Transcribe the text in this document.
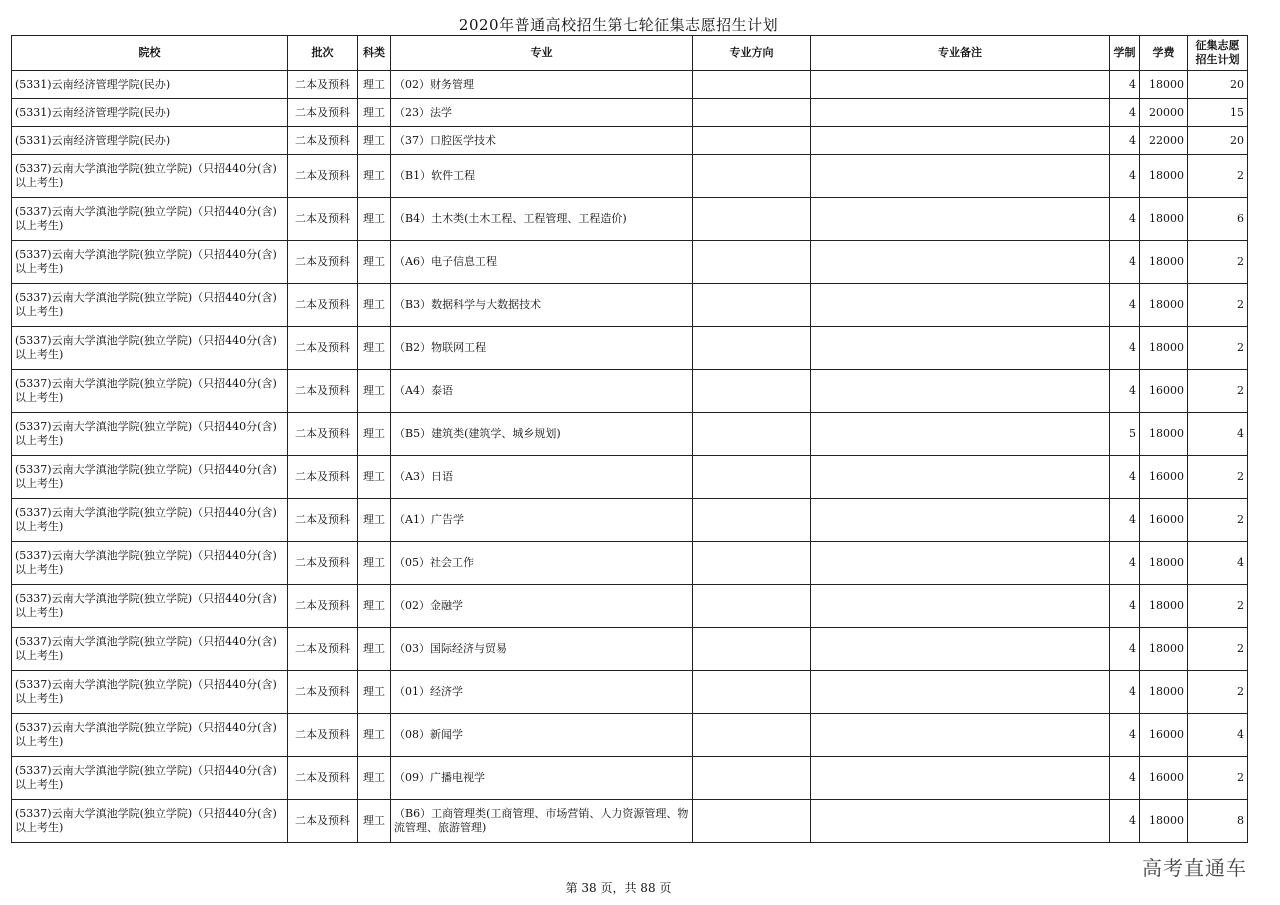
2020年普通高校招生第七轮征集志愿招生计划
院校	批次	科类	专业	专业方向	专业备注	学制	学费	征集志愿招生计划
(5331)云南经济管理学院(民办)	二本及预科	理工	（02）财务管理			4	18000	20
(5331)云南经济管理学院(民办)	二本及预科	理工	（23）法学			4	20000	15
(5331)云南经济管理学院(民办)	二本及预科	理工	（37）口腔医学技术			4	22000	20
(5337)云南大学滇池学院(独立学院)（只招440分(含)以上考生)	二本及预科	理工	（B1）软件工程			4	18000	2
(5337)云南大学滇池学院(独立学院)（只招440分(含)以上考生)	二本及预科	理工	（B4）土木类(土木工程、工程管理、工程造价)			4	18000	6
(5337)云南大学滇池学院(独立学院)（只招440分(含)以上考生)	二本及预科	理工	（A6）电子信息工程			4	18000	2
(5337)云南大学滇池学院(独立学院)（只招440分(含)以上考生)	二本及预科	理工	（B3）数据科学与大数据技术			4	18000	2
(5337)云南大学滇池学院(独立学院)（只招440分(含)以上考生)	二本及预科	理工	（B2）物联网工程			4	18000	2
(5337)云南大学滇池学院(独立学院)（只招440分(含)以上考生)	二本及预科	理工	（A4）泰语			4	16000	2
(5337)云南大学滇池学院(独立学院)（只招440分(含)以上考生)	二本及预科	理工	（B5）建筑类(建筑学、城乡规划)			5	18000	4
(5337)云南大学滇池学院(独立学院)（只招440分(含)以上考生)	二本及预科	理工	（A3）日语			4	16000	2
(5337)云南大学滇池学院(独立学院)（只招440分(含)以上考生)	二本及预科	理工	（A1）广告学			4	16000	2
(5337)云南大学滇池学院(独立学院)（只招440分(含)以上考生)	二本及预科	理工	（05）社会工作			4	18000	4
(5337)云南大学滇池学院(独立学院)（只招440分(含)以上考生)	二本及预科	理工	（02）金融学			4	18000	2
(5337)云南大学滇池学院(独立学院)（只招440分(含)以上考生)	二本及预科	理工	（03）国际经济与贸易			4	18000	2
(5337)云南大学滇池学院(独立学院)（只招440分(含)以上考生)	二本及预科	理工	（01）经济学			4	18000	2
(5337)云南大学滇池学院(独立学院)（只招440分(含)以上考生)	二本及预科	理工	（08）新闻学			4	16000	4
(5337)云南大学滇池学院(独立学院)（只招440分(含)以上考生)	二本及预科	理工	（09）广播电视学			4	16000	2
(5337)云南大学滇池学院(独立学院)（只招440分(含)以上考生)	二本及预科	理工	（B6）工商管理类(工商管理、市场营销、人力资源管理、物流管理、旅游管理)			4	18000	8
第 38 页，共 88 页
高考直通车
